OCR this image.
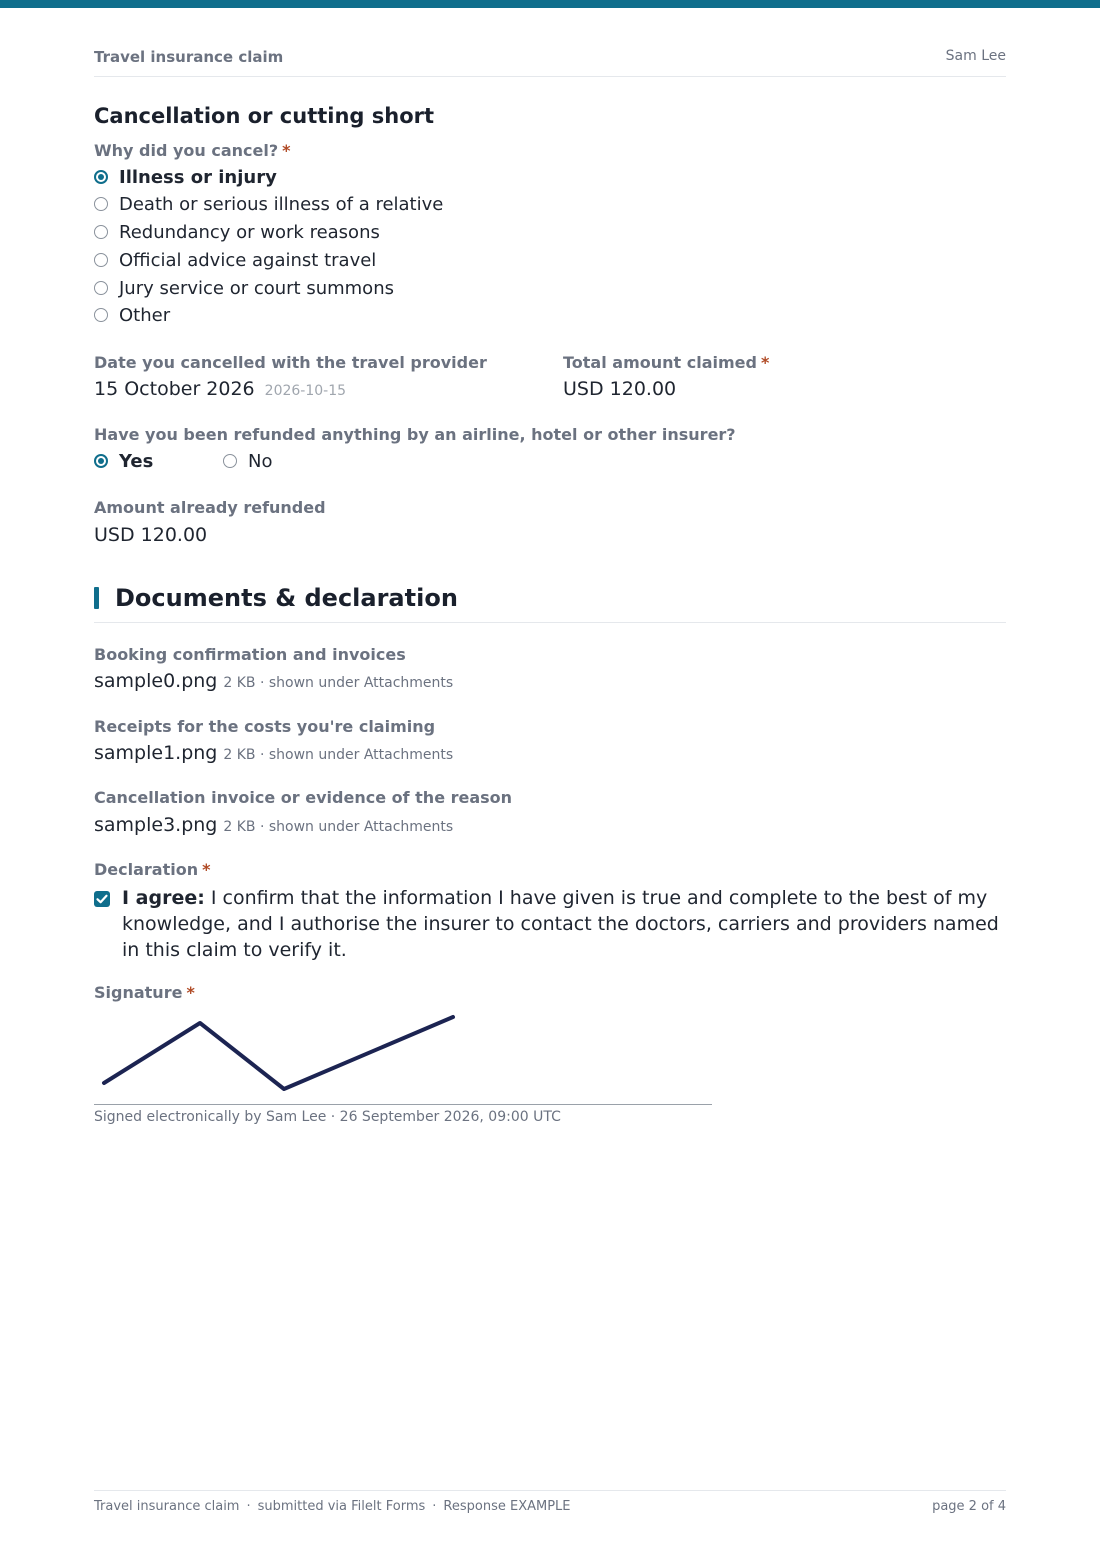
Travel insurance claim	Sam Lee
Cancellation or cutting short
Why did you cancel? *
Illness or injury
Death or serious illness of a relative
Redundancy or work reasons
Official advice against travel
Jury service or court summons
Other
Date you cancelled with the travel provider
15 October 2026 2026-10-15
Total amount claimed *
USD 120.00
Have you been refunded anything by an airline, hotel or other insurer?
Yes	No
Amount already refunded
USD 120.00
Documents & declaration
Booking confirmation and invoices
sample0.png 2 KB · shown under Attachments
Receipts for the costs you're claiming
sample1.png 2 KB · shown under Attachments
Cancellation invoice or evidence of the reason
sample3.png 2 KB · shown under Attachments
Declaration *
I agree: I confirm that the information I have given is true and complete to the best of my knowledge, and I authorise the insurer to contact the doctors, carriers and providers named in this claim to verify it.
Signature *
Signed electronically by Sam Lee · 26 September 2026, 09:00 UTC
Travel insurance claim · submitted via Filelt Forms · Response EXAMPLE	page 2 of 4
